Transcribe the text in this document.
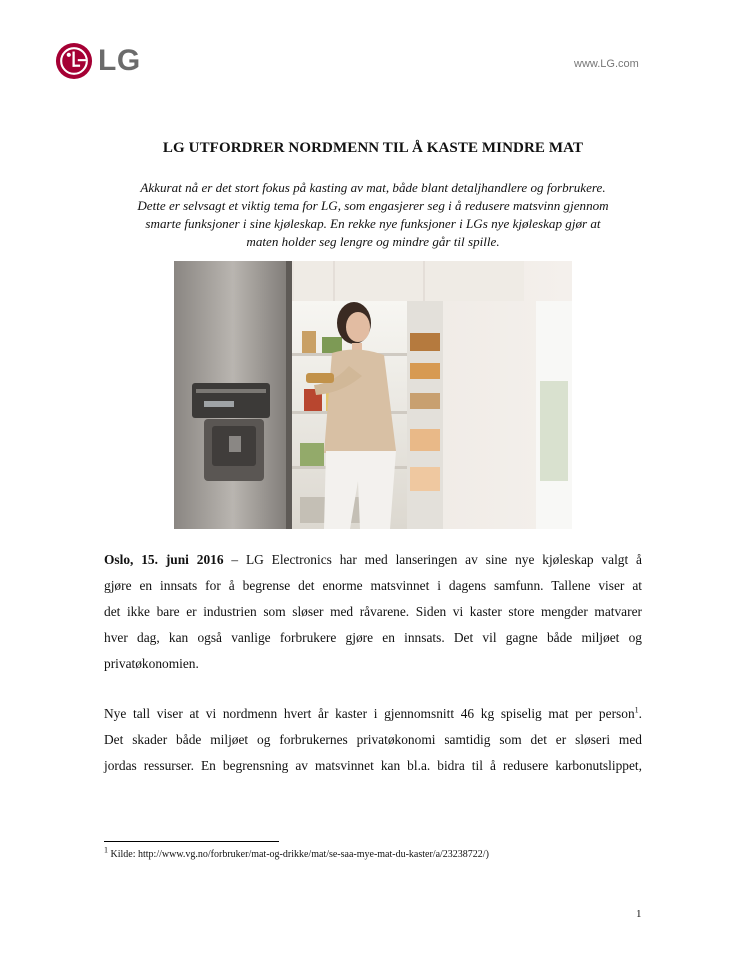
LG	www.LG.com
LG UTFORDRER NORDMENN TIL Å KASTE MINDRE MAT
Akkurat nå er det stort fokus på kasting av mat, både blant detaljhandlere og forbrukere.
Dette er selvsagt et viktig tema for LG, som engasjerer seg i å redusere matsvinn gjennom
smarte funksjoner i sine kjøleskap. En rekke nye funksjoner i LGs nye kjøleskap gjør at
maten holder seg lengre og mindre går til spille.
Oslo, 15. juni 2016 – LG Electronics har med lanseringen av sine nye kjøleskap valgt å
gjøre en innsats for å begrense det enorme matsvinnet i dagens samfunn. Tallene viser at
det ikke bare er industrien som sløser med råvarene. Siden vi kaster store mengder matvarer
hver dag, kan også vanlige forbrukere gjøre en innsats. Det vil gagne både miljøet og
privatøkonomien.
Nye tall viser at vi nordmenn hvert år kaster i gjennomsnitt 46 kg spiselig mat per person$^1$.
Det skader både miljøet og forbrukernes privatøkonomi samtidig som det er sløseri med
jordas ressurser. En begrensning av matsvinnet kan bl.a. bidra til å redusere karbonutslippet,
$^1$ Kilde: http://www.vg.no/forbruker/mat-og-drikke/mat/se-saa-mye-mat-du-kaster/a/23238722/)
1
